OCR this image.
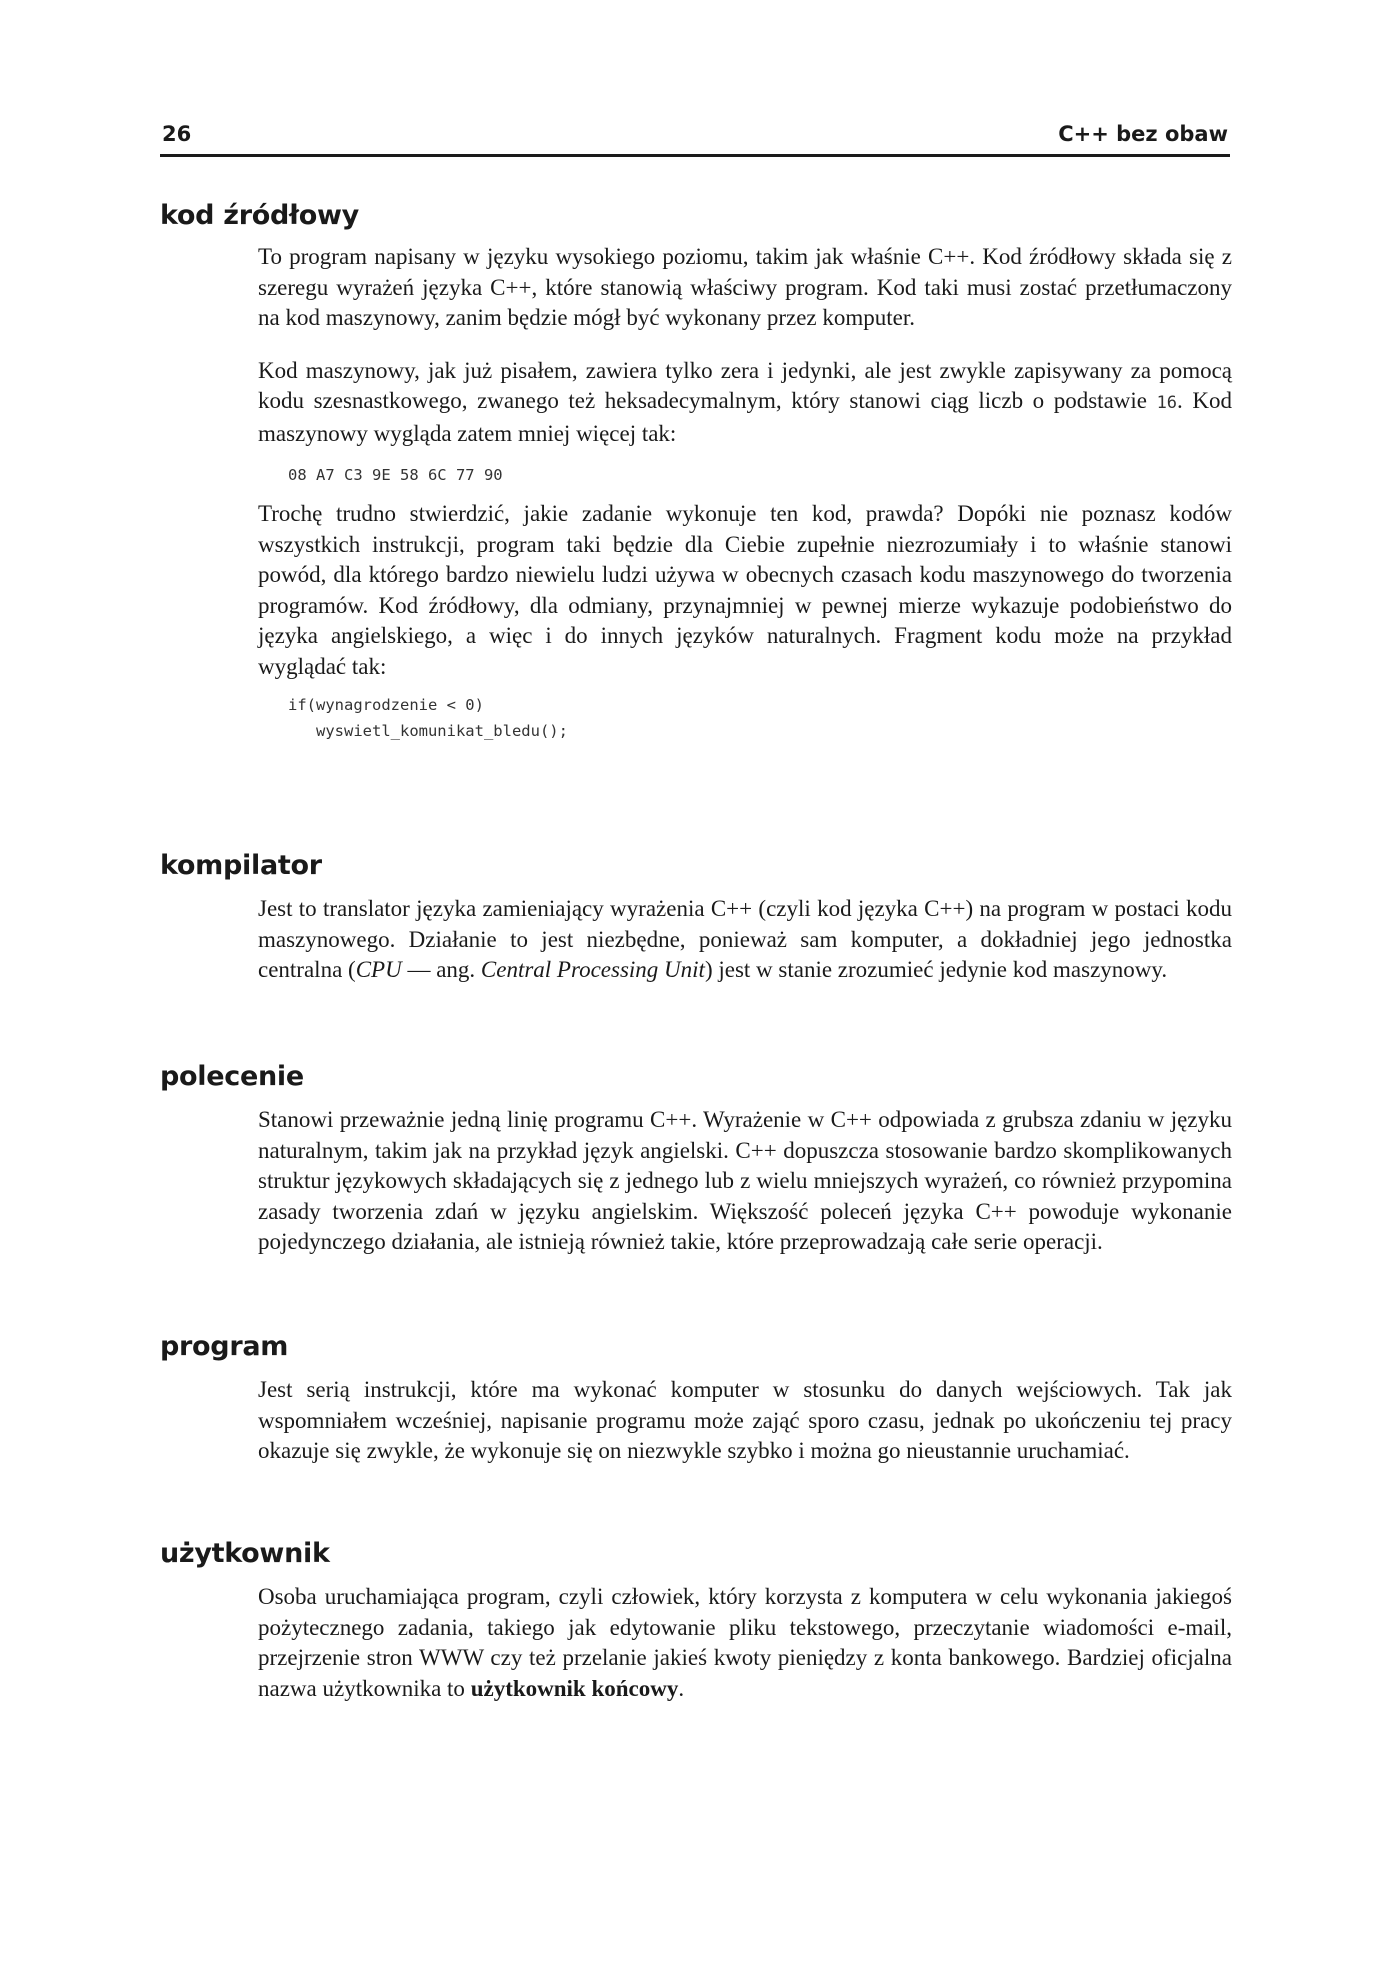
26	C++ bez obaw
kod źródłowy

To program napisany w języku wysokiego poziomu, takim jak właśnie C++. Kod źródłowy składa się z szeregu wyrażeń języka C++, które stanowią właściwy program. Kod taki musi zostać przetłumaczony na kod maszynowy, zanim będzie mógł być wykonany przez komputer.

Kod maszynowy, jak już pisałem, zawiera tylko zera i jedynki, ale jest zwykle zapisywany za pomocą kodu szesnastkowego, zwanego też heksadecymalnym, który stanowi ciąg liczb o podstawie 16. Kod maszynowy wygląda zatem mniej więcej tak:

08 A7 C3 9E 58 6C 77 90

Trochę trudno stwierdzić, jakie zadanie wykonuje ten kod, prawda? Dopóki nie poznasz kodów wszystkich instrukcji, program taki będzie dla Ciebie zupełnie niezrozumiały i to właśnie stanowi powód, dla którego bardzo niewielu ludzi używa w obecnych czasach kodu maszynowego do tworzenia programów. Kod źródłowy, dla odmiany, przynajmniej w pewnej mierze wykazuje podobieństwo do języka angielskiego, a więc i do innych języków naturalnych. Fragment kodu może na przykład wyglądać tak:

if(wynagrodzenie < 0)
wyswietl_komunikat_bledu();
kompilator

Jest to translator języka zamieniający wyrażenia C++ (czyli kod języka C++) na program w postaci kodu maszynowego. Działanie to jest niezbędne, ponieważ sam komputer, a dokładniej jego jednostka centralna (CPU — ang. Central Processing Unit) jest w stanie zrozumieć jedynie kod maszynowy.

polecenie

Stanowi przeważnie jedną linię programu C++. Wyrażenie w C++ odpowiada z grubsza zdaniu w języku naturalnym, takim jak na przykład język angielski. C++ dopuszcza stosowanie bardzo skomplikowanych struktur językowych składających się z jednego lub z wielu mniejszych wyrażeń, co również przypomina zasady tworzenia zdań w języku angielskim. Większość poleceń języka C++ powoduje wykonanie pojedynczego działania, ale istnieją również takie, które przeprowadzają całe serie operacji.

program

Jest serią instrukcji, które ma wykonać komputer w stosunku do danych wejściowych. Tak jak wspomniałem wcześniej, napisanie programu może zająć sporo czasu, jednak po ukończeniu tej pracy okazuje się zwykle, że wykonuje się on niezwykle szybko i można go nieustannie uruchamiać.

użytkownik

Osoba uruchamiająca program, czyli człowiek, który korzysta z komputera w celu wykonania jakiegoś pożytecznego zadania, takiego jak edytowanie pliku tekstowego, przeczytanie wiadomości e-mail, przejrzenie stron WWW czy też przelanie jakieś kwoty pieniędzy z konta bankowego. Bardziej oficjalna nazwa użytkownika to użytkownik końcowy.
